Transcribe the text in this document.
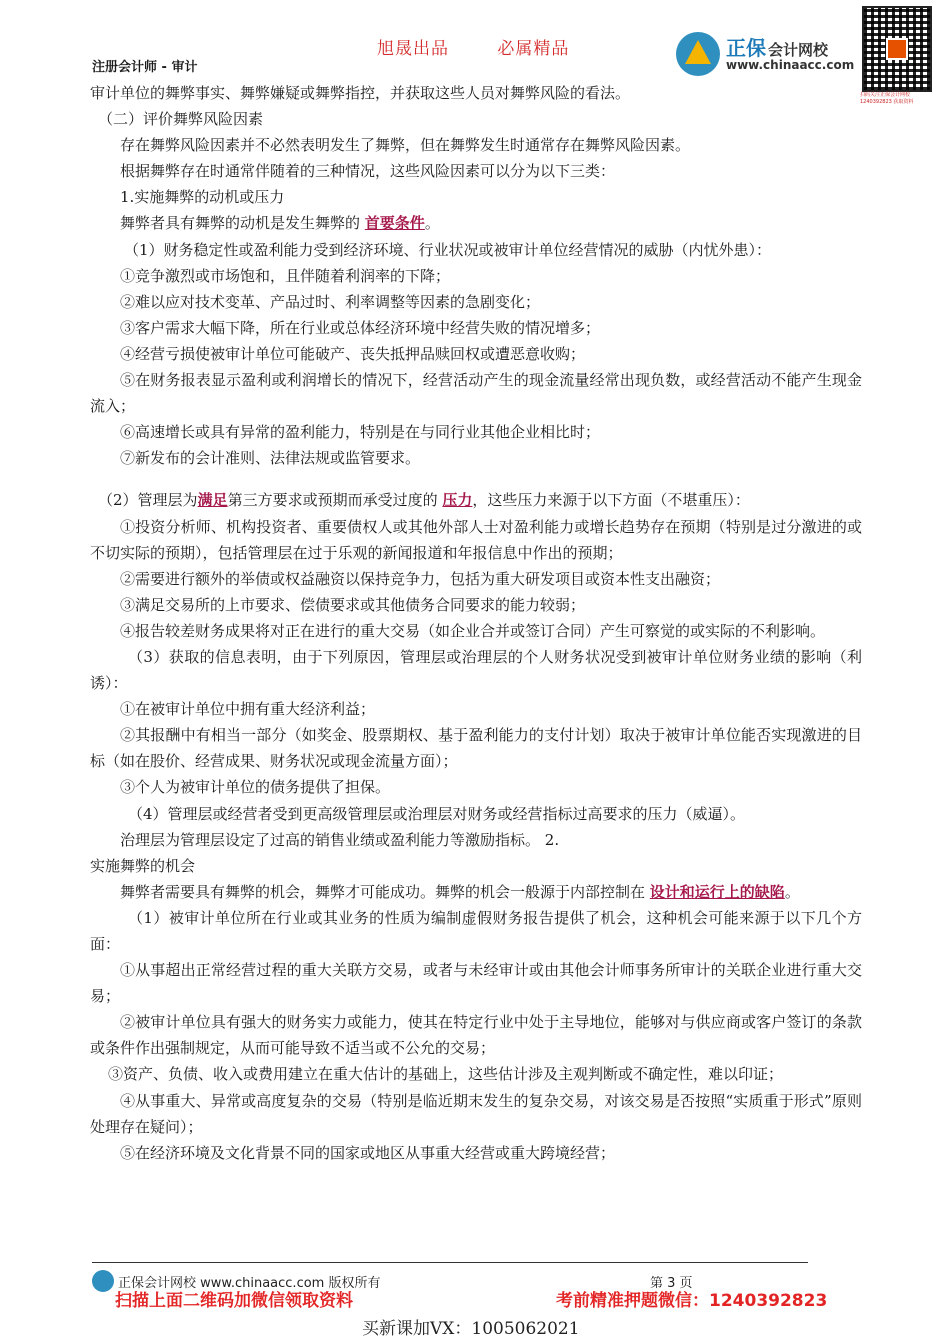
旭晟出品	必属精品
注册会计师 - 审计
正保 会计网校
www.chinaacc.com
扫码关注正保会计网校 1240392823 获取资料

审计单位的舞弊事实、舞弊嫌疑或舞弊指控，并获取这些人员对舞弊风险的看法。

（二）评价舞弊风险因素

存在舞弊风险因素并不必然表明发生了舞弊，但在舞弊发生时通常存在舞弊风险因素。

根据舞弊存在时通常伴随着的三种情况，这些风险因素可以分为以下三类：

1.实施舞弊的动机或压力

舞弊者具有舞弊的动机是发生舞弊的 首要条件。

（1）财务稳定性或盈利能力受到经济环境、行业状况或被审计单位经营情况的威胁（内忧外患）：

①竞争激烈或市场饱和，且伴随着利润率的下降；

②难以应对技术变革、产品过时、利率调整等因素的急剧变化；

③客户需求大幅下降，所在行业或总体经济环境中经营失败的情况增多；

④经营亏损使被审计单位可能破产、丧失抵押品赎回权或遭恶意收购；

⑤在财务报表显示盈利或利润增长的情况下，经营活动产生的现金流量经常出现负数，或经营活动不能产生现金流入；

⑥高速增长或具有异常的盈利能力，特别是在与同行业其他企业相比时；

⑦新发布的会计准则、法律法规或监管要求。

（2）管理层为满足第三方要求或预期而承受过度的 压力，这些压力来源于以下方面（不堪重压）：

①投资分析师、机构投资者、重要债权人或其他外部人士对盈利能力或增长趋势存在预期（特别是过分激进的或不切实际的预期），包括管理层在过于乐观的新闻报道和年报信息中作出的预期；

②需要进行额外的举债或权益融资以保持竞争力，包括为重大研发项目或资本性支出融资；

③满足交易所的上市要求、偿债要求或其他债务合同要求的能力较弱；

④报告较差财务成果将对正在进行的重大交易（如企业合并或签订合同）产生可察觉的或实际的不利影响。

（3）获取的信息表明，由于下列原因，管理层或治理层的个人财务状况受到被审计单位财务业绩的影响（利诱）：

①在被审计单位中拥有重大经济利益；

②其报酬中有相当一部分（如奖金、股票期权、基于盈利能力的支付计划）取决于被审计单位能否实现激进的目标（如在股价、经营成果、财务状况或现金流量方面）；

③个人为被审计单位的债务提供了担保。

（4）管理层或经营者受到更高级管理层或治理层对财务或经营指标过高要求的压力（威逼）。

治理层为管理层设定了过高的销售业绩或盈利能力等激励指标。 2.

实施舞弊的机会

舞弊者需要具有舞弊的机会，舞弊才可能成功。舞弊的机会一般源于内部控制在 设计和运行上的缺陷。

（1）被审计单位所在行业或其业务的性质为编制虚假财务报告提供了机会，这种机会可能来源于以下几个方面：

①从事超出正常经营过程的重大关联方交易，或者与未经审计或由其他会计师事务所审计的关联企业进行重大交易；

②被审计单位具有强大的财务实力或能力，使其在特定行业中处于主导地位，能够对与供应商或客户签订的条款或条件作出强制规定，从而可能导致不适当或不公允的交易；

③资产、负债、收入或费用建立在重大估计的基础上，这些估计涉及主观判断或不确定性，难以印证；

④从事重大、异常或高度复杂的交易（特别是临近期末发生的复杂交易，对该交易是否按照“实质重于形式”原则处理存在疑问）；

⑤在经济环境及文化背景不同的国家或地区从事重大经营或重大跨境经营；

正保会计网校 www.chinaacc.com 版权所有	第 3 页
扫描上面二维码加微信领取资料	考前精准押题微信：1240392823
买新课加VX：1005062021
